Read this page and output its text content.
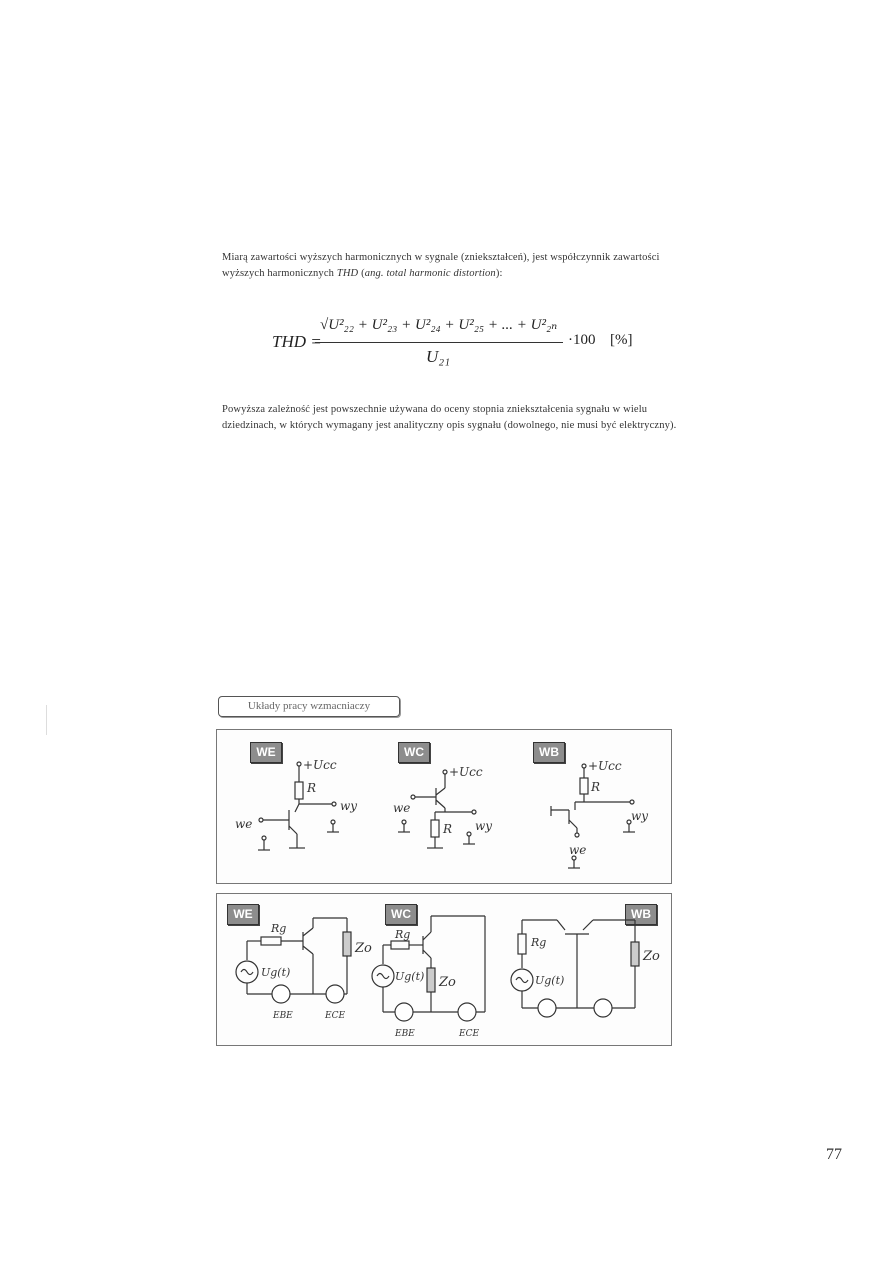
Miarą zawartości wyższych harmonicznych w sygnale (zniekształceń), jest współczynnik zawartości wyższych harmonicznych THD (ang. total harmonic distortion):
THD =
√U²₂₂ + U²₂₃ + U²₂₄ + U²₂₅ + ... + U²₂ₙ
U₂₁
·100 [%]
Powyższa zależność jest powszechnie używana do oceny stopnia zniekształcenia sygnału w wielu dziedzinach, w których wymagany jest analityczny opis sygnału (dowolnego, nie musi być elektryczny).
Układy pracy wzmacniaczy
WE	WC	WB
+Ucc
R
we
wy
+Ucc
R
we
wy
+Ucc
R
we
wy
WE	WC	WB
Rg
Zo
Ug(t)
EBE	ECE
Rg
Zo
Ug(t)
EBE	ECE
Rg
Zo
Ug(t)
77
